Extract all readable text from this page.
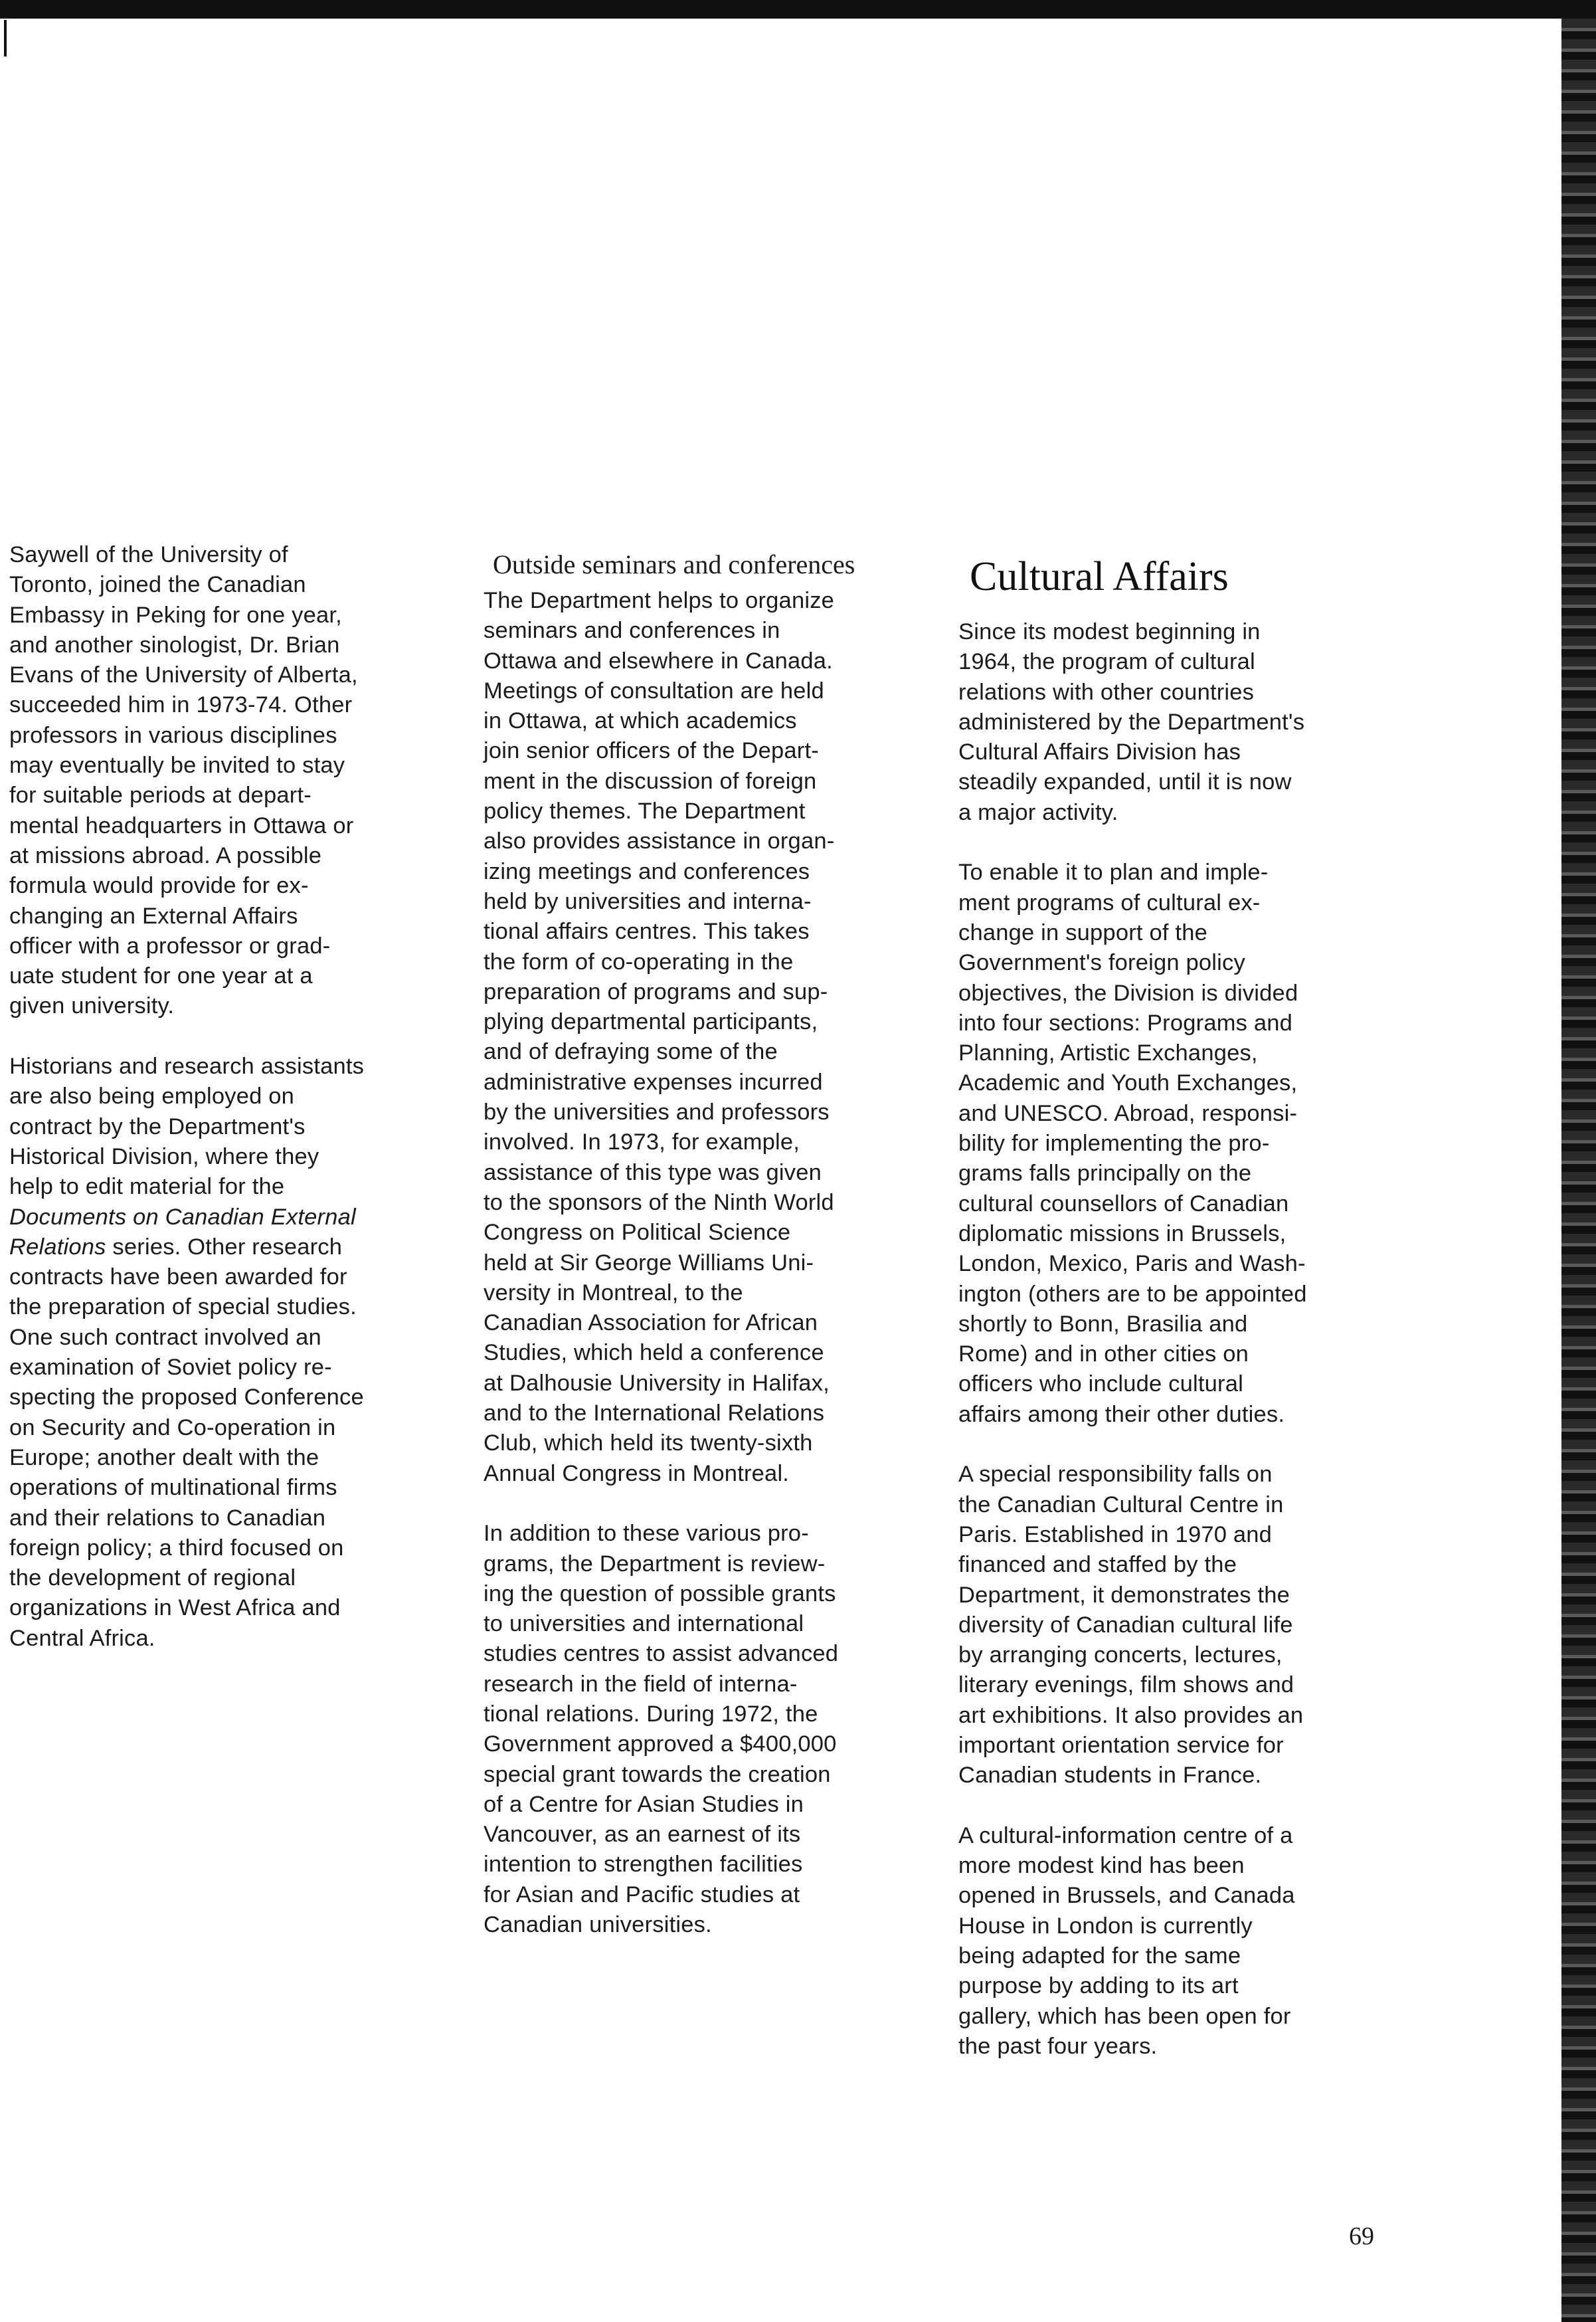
Saywell of the University of
Toronto, joined the Canadian
Embassy in Peking for one year,
and another sinologist, Dr. Brian
Evans of the University of Alberta,
succeeded him in 1973-74. Other
professors in various disciplines
may eventually be invited to stay
for suitable periods at depart-
mental headquarters in Ottawa or
at missions abroad. A possible
formula would provide for ex-
changing an External Affairs
officer with a professor or grad-
uate student for one year at a
given university.
Historians and research assistants
are also being employed on
contract by the Department's
Historical Division, where they
help to edit material for the
Documents on Canadian External
Relations series. Other research
contracts have been awarded for
the preparation of special studies.
One such contract involved an
examination of Soviet policy re-
specting the proposed Conference
on Security and Co-operation in
Europe; another dealt with the
operations of multinational firms
and their relations to Canadian
foreign policy; a third focused on
the development of regional
organizations in West Africa and
Central Africa.
Outside seminars and conferences
The Department helps to organize
seminars and conferences in
Ottawa and elsewhere in Canada.
Meetings of consultation are held
in Ottawa, at which academics
join senior officers of the Depart-
ment in the discussion of foreign
policy themes. The Department
also provides assistance in organ-
izing meetings and conferences
held by universities and interna-
tional affairs centres. This takes
the form of co-operating in the
preparation of programs and sup-
plying departmental participants,
and of defraying some of the
administrative expenses incurred
by the universities and professors
involved. In 1973, for example,
assistance of this type was given
to the sponsors of the Ninth World
Congress on Political Science
held at Sir George Williams Uni-
versity in Montreal, to the
Canadian Association for African
Studies, which held a conference
at Dalhousie University in Halifax,
and to the International Relations
Club, which held its twenty-sixth
Annual Congress in Montreal.
In addition to these various pro-
grams, the Department is review-
ing the question of possible grants
to universities and international
studies centres to assist advanced
research in the field of interna-
tional relations. During 1972, the
Government approved a $400,000
special grant towards the creation
of a Centre for Asian Studies in
Vancouver, as an earnest of its
intention to strengthen facilities
for Asian and Pacific studies at
Canadian universities.
Cultural Affairs
Since its modest beginning in
1964, the program of cultural
relations with other countries
administered by the Department's
Cultural Affairs Division has
steadily expanded, until it is now
a major activity.
To enable it to plan and imple-
ment programs of cultural ex-
change in support of the
Government's foreign policy
objectives, the Division is divided
into four sections: Programs and
Planning, Artistic Exchanges,
Academic and Youth Exchanges,
and UNESCO. Abroad, responsi-
bility for implementing the pro-
grams falls principally on the
cultural counsellors of Canadian
diplomatic missions in Brussels,
London, Mexico, Paris and Wash-
ington (others are to be appointed
shortly to Bonn, Brasilia and
Rome) and in other cities on
officers who include cultural
affairs among their other duties.
A special responsibility falls on
the Canadian Cultural Centre in
Paris. Established in 1970 and
financed and staffed by the
Department, it demonstrates the
diversity of Canadian cultural life
by arranging concerts, lectures,
literary evenings, film shows and
art exhibitions. It also provides an
important orientation service for
Canadian students in France.
A cultural-information centre of a
more modest kind has been
opened in Brussels, and Canada
House in London is currently
being adapted for the same
purpose by adding to its art
gallery, which has been open for
the past four years.
69
